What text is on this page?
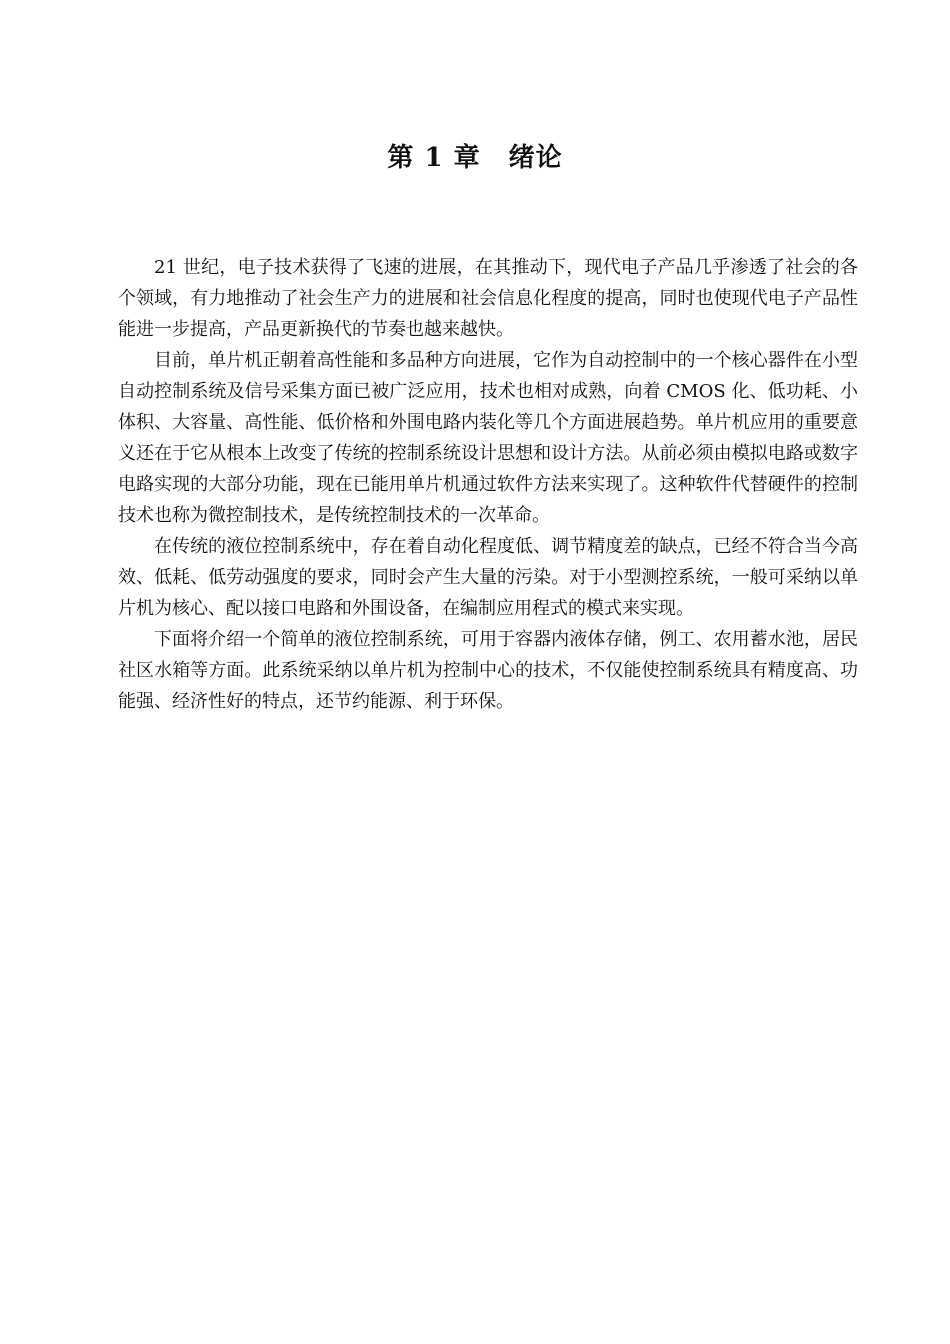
第 1 章 绪论

21 世纪，电子技术获得了飞速的进展，在其推动下，现代电子产品几乎渗透了社会的各个领域，有力地推动了社会生产力的进展和社会信息化程度的提高，同时也使现代电子产品性能进一步提高，产品更新换代的节奏也越来越快。

目前，单片机正朝着高性能和多品种方向进展，它作为自动控制中的一个核心器件在小型自动控制系统及信号采集方面已被广泛应用，技术也相对成熟，向着 CMOS 化、低功耗、小体积、大容量、高性能、低价格和外围电路内装化等几个方面进展趋势。单片机应用的重要意义还在于它从根本上改变了传统的控制系统设计思想和设计方法。从前必须由模拟电路或数字电路实现的大部分功能，现在已能用单片机通过软件方法来实现了。这种软件代替硬件的控制技术也称为微控制技术，是传统控制技术的一次革命。

在传统的液位控制系统中，存在着自动化程度低、调节精度差的缺点，已经不符合当今高效、低耗、低劳动强度的要求，同时会产生大量的污染。对于小型测控系统，一般可采纳以单片机为核心、配以接口电路和外围设备，在编制应用程式的模式来实现。

下面将介绍一个简单的液位控制系统，可用于容器内液体存储，例工、农用蓄水池，居民社区水箱等方面。此系统采纳以单片机为控制中心的技术，不仅能使控制系统具有精度高、功能强、经济性好的特点，还节约能源、利于环保。
